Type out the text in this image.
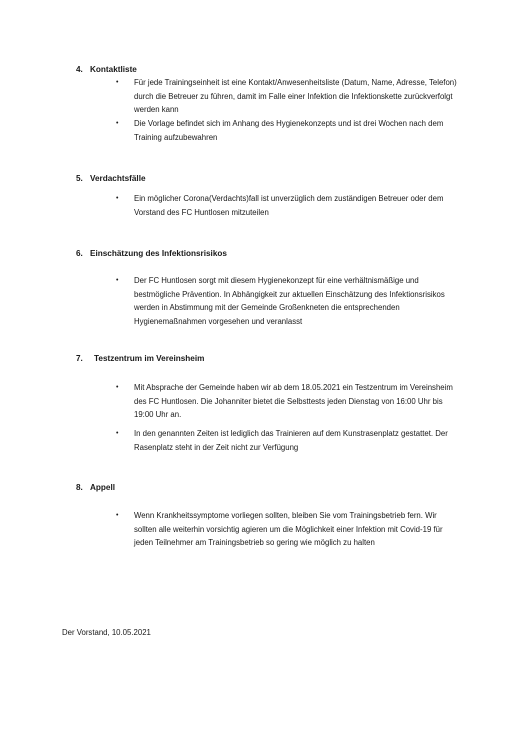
4. Kontaktliste
• Für jede Trainingseinheit ist eine Kontakt/Anwesenheitsliste (Datum, Name, Adresse, Telefon) durch die Betreuer zu führen, damit im Falle einer Infektion die Infektionskette zurückverfolgt werden kann
• Die Vorlage befindet sich im Anhang des Hygienekonzepts und ist drei Wochen nach dem Training aufzubewahren
5. Verdachtsfälle
• Ein möglicher Corona(Verdachts)fall ist unverzüglich dem zuständigen Betreuer oder dem Vorstand des FC Huntlosen mitzuteilen
6. Einschätzung des Infektionsrisikos
• Der FC Huntlosen sorgt mit diesem Hygienekonzept für eine verhältnismäßige und bestmögliche Prävention. In Abhängigkeit zur aktuellen Einschätzung des Infektionsrisikos werden in Abstimmung mit der Gemeinde Großenkneten die entsprechenden Hygienemaßnahmen vorgesehen und veranlasst
7. Testzentrum im Vereinsheim
• Mit Absprache der Gemeinde haben wir ab dem 18.05.2021 ein Testzentrum im Vereinsheim des FC Huntlosen. Die Johanniter bietet die Selbsttests jeden Dienstag von 16:00 Uhr bis 19:00 Uhr an.
• In den genannten Zeiten ist lediglich das Trainieren auf dem Kunstrasenplatz gestattet. Der Rasenplatz steht in der Zeit nicht zur Verfügung
8. Appell
• Wenn Krankheitssymptome vorliegen sollten, bleiben Sie vom Trainingsbetrieb fern. Wir sollten alle weiterhin vorsichtig agieren um die Möglichkeit einer Infektion mit Covid-19 für jeden Teilnehmer am Trainingsbetrieb so gering wie möglich zu halten
Der Vorstand, 10.05.2021
